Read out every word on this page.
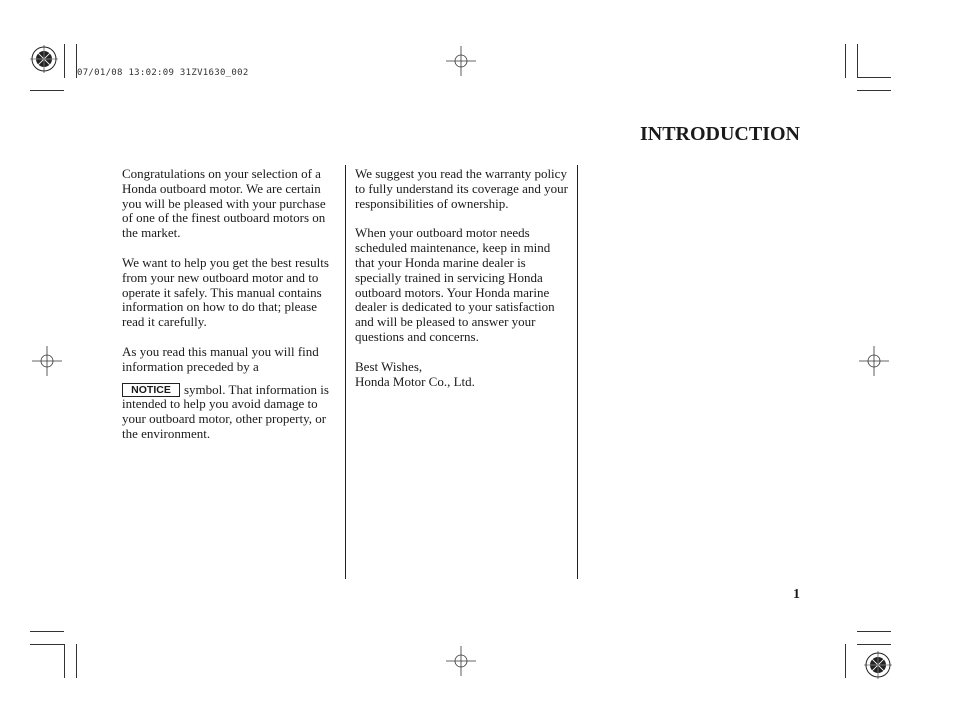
07/01/08 13:02:09 31ZV1630_002
INTRODUCTION

Congratulations on your selection of a Honda outboard motor. We are certain you will be pleased with your purchase of one of the finest outboard motors on the market.

We want to help you get the best results from your new outboard motor and to operate it safely. This manual contains information on how to do that; please read it carefully.

As you read this manual you will find information preceded by a

NOTICE symbol. That information is intended to help you avoid damage to your outboard motor, other property, or the environment.

We suggest you read the warranty policy to fully understand its coverage and your responsibilities of ownership.

When your outboard motor needs scheduled maintenance, keep in mind that your Honda marine dealer is specially trained in servicing Honda outboard motors. Your Honda marine dealer is dedicated to your satisfaction and will be pleased to answer your questions and concerns.

Best Wishes,
Honda Motor Co., Ltd.

1
